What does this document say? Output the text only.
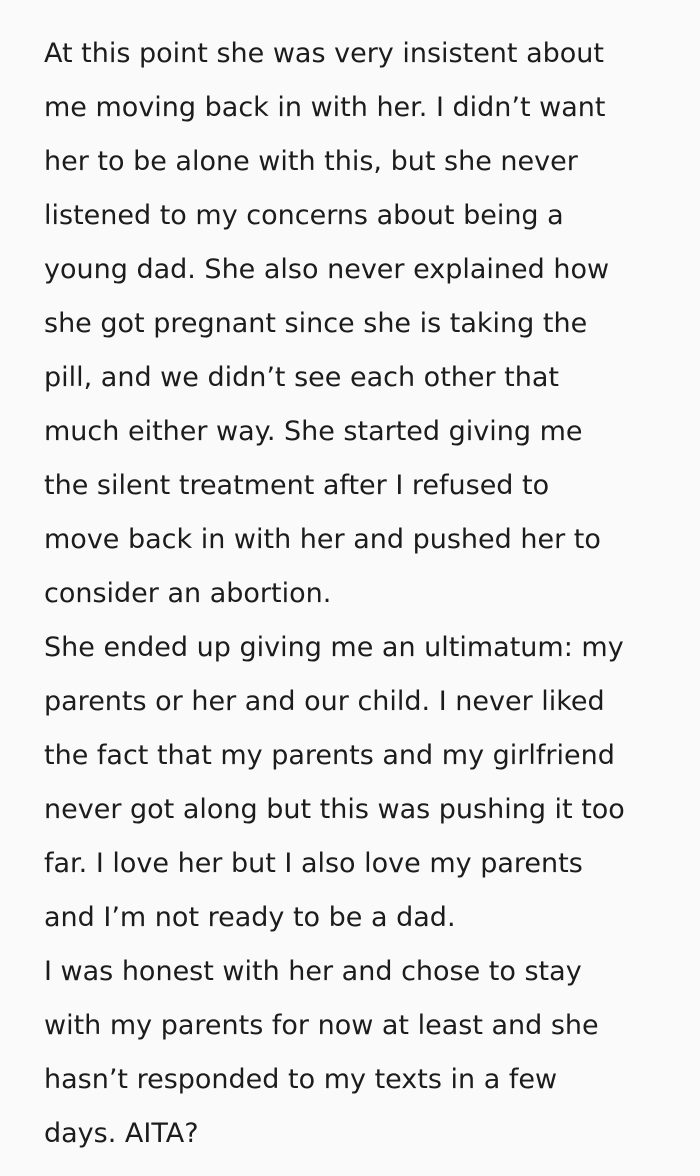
At this point she was very insistent about
me moving back in with her. I didn’t want
her to be alone with this, but she never
listened to my concerns about being a
young dad. She also never explained how
she got pregnant since she is taking the
pill, and we didn’t see each other that
much either way. She started giving me
the silent treatment after I refused to
move back in with her and pushed her to
consider an abortion.
She ended up giving me an ultimatum: my
parents or her and our child. I never liked
the fact that my parents and my girlfriend
never got along but this was pushing it too
far. I love her but I also love my parents
and I’m not ready to be a dad.
I was honest with her and chose to stay
with my parents for now at least and she
hasn’t responded to my texts in a few
days. AITA?
